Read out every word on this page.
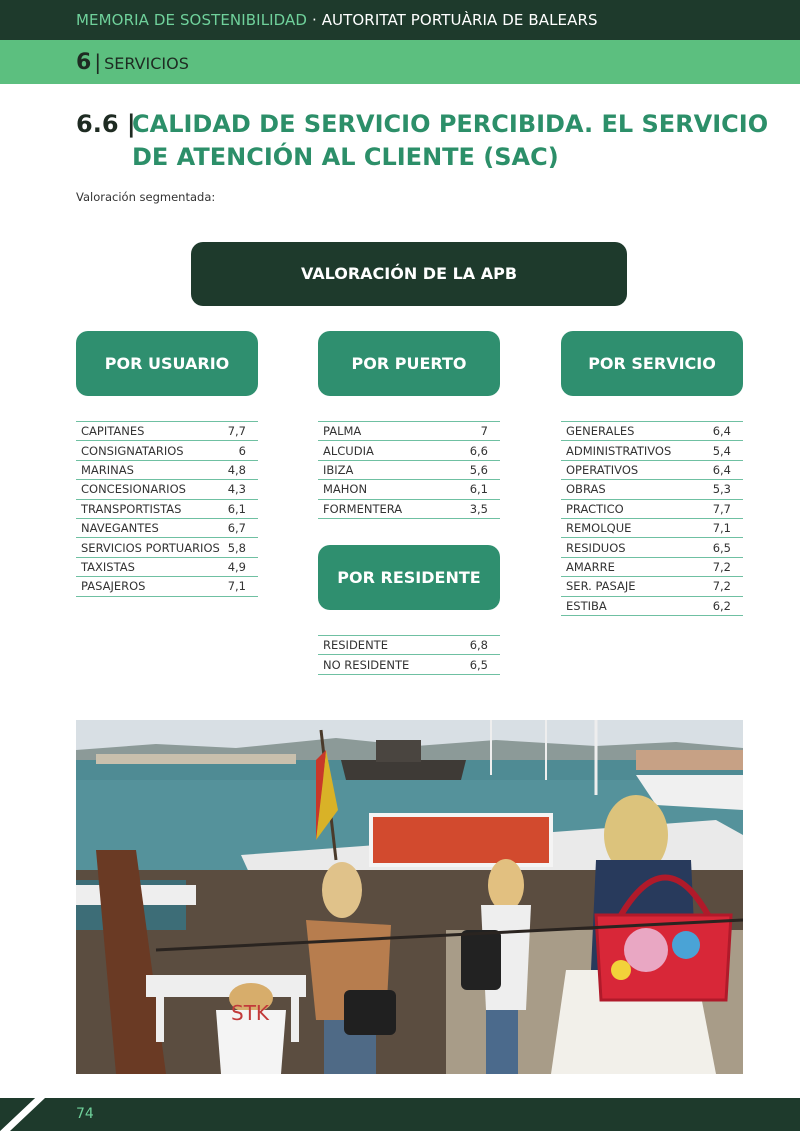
MEMORIA DE SOSTENIBILIDAD · AUTORITAT PORTUÀRIA DE BALEARS
6 | SERVICIOS
6.6 |
CALIDAD DE SERVICIO PERCIBIDA. EL SERVICIO DE ATENCIÓN AL CLIENTE (SAC)
Valoración segmentada:
VALORACIÓN DE LA APB
POR USUARIO	POR PUERTO	POR SERVICIO
POR RESIDENTE
CAPITANES	7,7
CONSIGNATARIOS	6
MARINAS	4,8
CONCESIONARIOS	4,3
TRANSPORTISTAS	6,1
NAVEGANTES	6,7
SERVICIOS PORTUARIOS 5,8
TAXISTAS	4,9
PASAJEROS	7,1
PALMA	7
ALCUDIA	6,6
IBIZA	5,6
MAHON	6,1
FORMENTERA	3,5
GENERALES	6,4
ADMINISTRATIVOS	5,4
OPERATIVOS	6,4
OBRAS	5,3
PRACTICO	7,7
REMOLQUE	7,1
RESIDUOS	6,5
AMARRE	7,2
SER. PASAJE	7,2
ESTIBA	6,2
RESIDENTE	6,8
NO RESIDENTE	6,5
STK
74
